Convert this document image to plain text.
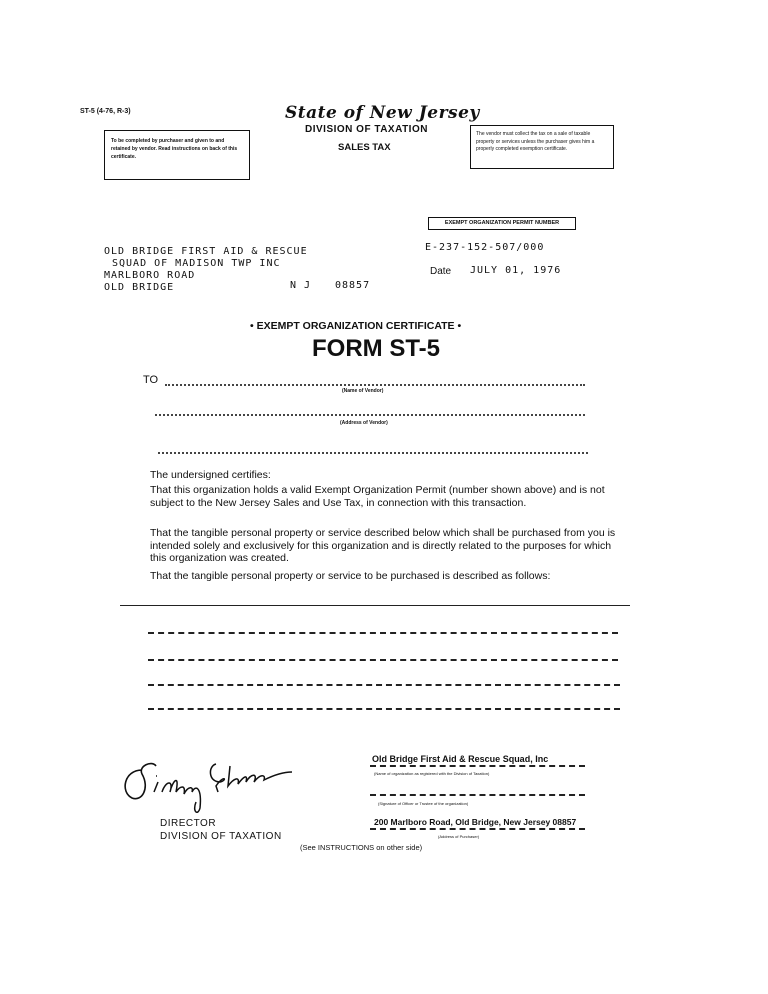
ST-5 (4-76, R-3)	State of New Jersey
DIVISION OF TAXATION
SALES TAX
To be completed by purchaser and given to and retained by vendor. Read instructions on back of this certificate.
The vendor must collect the tax on a sale of taxable property or services unless the purchaser gives him a properly completed exemption certificate.
EXEMPT ORGANIZATION PERMIT NUMBER
E-237-152-507/000
Date JULY 01, 1976
OLD BRIDGE FIRST AID & RESCUE
SQUAD OF MADISON TWP INC
MARLBORO ROAD
OLD BRIDGE	N J 08857
• EXEMPT ORGANIZATION CERTIFICATE •
FORM ST-5
TO
(Name of Vendor)
(Address of Vendor)
The undersigned certifies:
That this organization holds a valid Exempt Organization Permit (number shown above) and is not subject to the New Jersey Sales and Use Tax, in connection with this transaction.
That the tangible personal property or service described below which shall be purchased from you is intended solely and exclusively for this organization and is directly related to the purposes for which this organization was created.
That the tangible personal property or service to be purchased is described as follows:
DIRECTOR
DIVISION OF TAXATION
Old Bridge First Aid & Rescue Squad, Inc
(Name of organization as registered with the Division of Taxation)
(Signature of Officer or Trustee of the organization)
200 Marlboro Road, Old Bridge, New Jersey 08857
(Address of Purchaser)
(See INSTRUCTIONS on other side)
